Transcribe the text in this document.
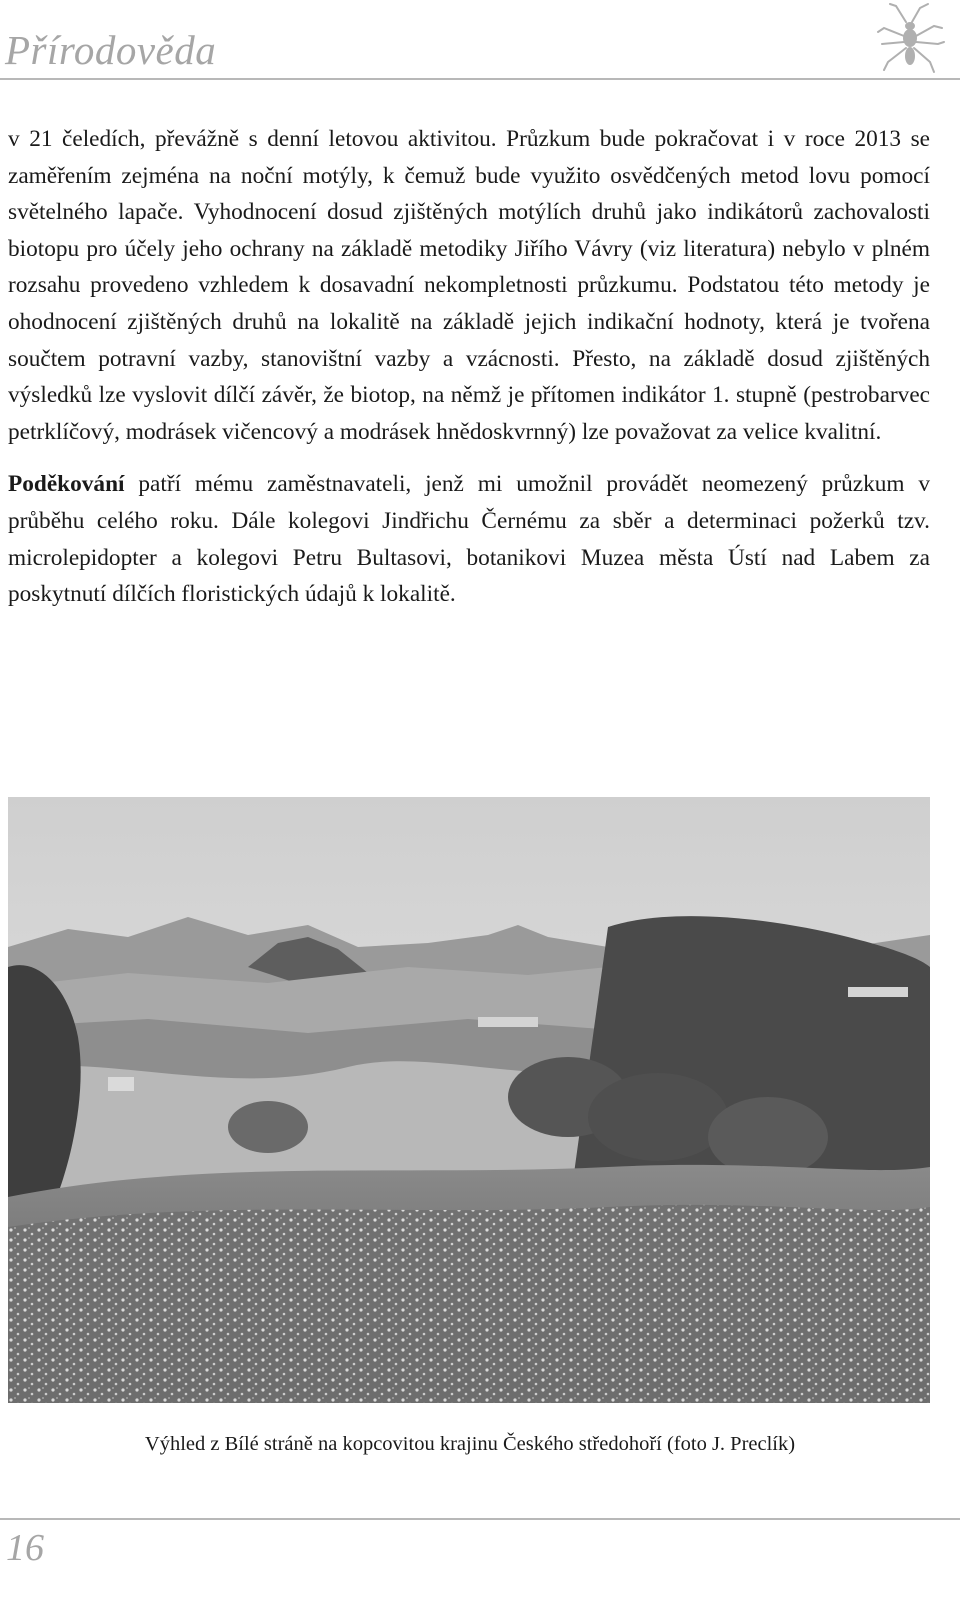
Přírodověda

v 21 čeledích, převážně s denní letovou aktivitou. Průzkum bude pokračovat i v roce 2013 se zaměřením zejména na noční motýly, k čemuž bude využito osvědčených metod lovu pomocí světelného lapače. Vyhodnocení dosud zjištěných motýlích druhů jako indikátorů zachovalosti biotopu pro účely jeho ochrany na základě metodiky Jiřího Vávry (viz literatura) nebylo v plném rozsahu provedeno vzhledem k dosavadní nekompletnosti průzkumu. Podstatou této metody je ohodnocení zjištěných druhů na lokalitě na základě jejich indikační hodnoty, která je tvořena součtem potravní vazby, stanovištní vazby a vzácnosti. Přesto, na základě dosud zjištěných výsledků lze vyslovit dílčí závěr, že biotop, na němž je přítomen indikátor 1. stupně (pestrobarvec petrklíčový, modrásek vičencový a modrásek hnědoskvrnný) lze považovat za velice kvalitní.

Poděkování patří mému zaměstnavateli, jenž mi umožnil provádět neomezený průzkum v průběhu celého roku. Dále kolegovi Jindřichu Černému za sběr a determinaci požerků tzv. microlepidopter a kolegovi Petru Bultasovi, botanikovi Muzea města Ústí nad Labem za poskytnutí dílčích floristických údajů k lokalitě.

Výhled z Bílé stráně na kopcovitou krajinu Českého středohoří (foto J. Preclík)
16
